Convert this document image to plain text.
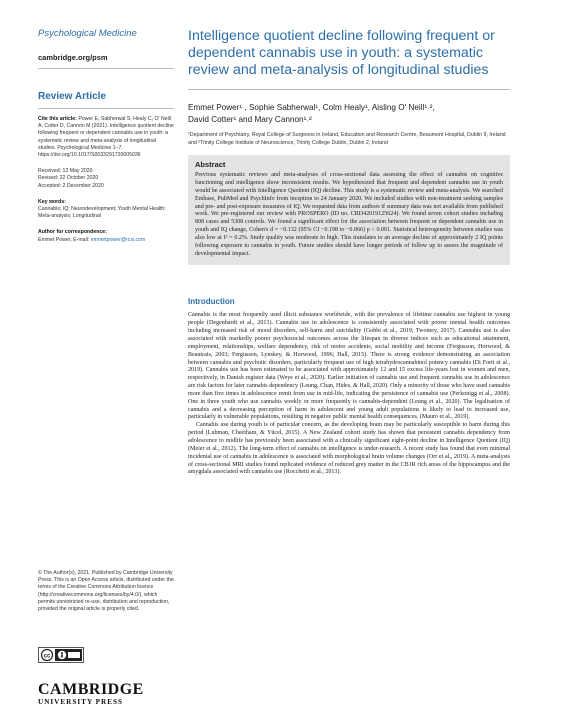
Psychological Medicine
cambridge.org/psm
Review Article
Cite this article: Power E, Sabherwal S, Healy C, O' Neill A, Cotter D, Cannon M (2021). Intelligence quotient decline following frequent or dependent cannabis use in youth: a systematic review and meta-analysis of longitudinal studies. Psychological Medicine 1–7. https://doi.org/10.1017/S0033291720005036
Received: 12 May 2020
Revised: 22 October 2020
Accepted: 2 December 2020
Key words:
Cannabis; IQ; Neurodevelopment; Youth Mental Health; Meta-analysis; Longitudinal
Author for correspondence:
Emmet Power, E-mail: emmetpower@rcsi.com
© The Author(s), 2021. Published by Cambridge University Press. This is an Open Access article, distributed under the terms of the Creative Commons Attribution licence (http://creativecommons.org/licenses/by/4.0/), which permits unrestricted re-use, distribution and reproduction, provided the original article is properly cited.
cc
CAMBRIDGE
UNIVERSITY PRESS
Intelligence quotient decline following frequent or dependent cannabis use in youth: a systematic review and meta-analysis of longitudinal studies
Emmet Power¹ , Sophie Sabherwal¹, Colm Healy¹, Aisling O' Neill¹˒²,
David Cotter¹ and Mary Cannon¹˒²
¹Department of Psychiatry, Royal College of Surgeons in Ireland, Education and Research Centre, Beaumont Hospital, Dublin 9, Ireland and ²Trinity College Institute of Neuroscience, Trinity College Dublin, Dublin 2, Ireland
Abstract
Previous systematic reviews and meta-analyses of cross-sectional data assessing the effect of cannabis on cognitive functioning and intelligence show inconsistent results. We hypothesized that frequent and dependent cannabis use in youth would be associated with Intelligence Quotient (IQ) decline. This study is a systematic review and meta-analysis. We searched Embase, PubMed and PsychInfo from inception to 24 January 2020. We included studies with non-treatment seeking samples and pre- and post-exposure measures of IQ. We requested data from authors if summary data was not available from published work. We pre-registered our review with PROSPERO (ID no. CRD42019125624). We found seven cohort studies including 808 cases and 5308 controls. We found a significant effect for the association between frequent or dependent cannabis use in youth and IQ change, Cohen's d = −0.132 (95% CI −0.198 to −0.066) p < 0.001. Statistical heterogeneity between studies was also low at I² = 0.2%. Study quality was moderate to high. This translates to an average decline of approximately 2 IQ points following exposure to cannabis in youth. Future studies should have longer periods of follow up to assess the magnitude of developmental impact.
Introduction

Cannabis is the most frequently used illicit substance worldwide, with the prevalence of lifetime cannabis use highest in young people (Degenhardt et al., 2013). Cannabis use in adolescence is consistently associated with poorer mental health outcomes including increased risk of mood disorders, self-harm and suicidality (Gobbi et al., 2019; Twomey, 2017). Cannabis use is also associated with markedly poorer psychosocial outcomes across the lifespan in diverse indices such as educational attainment, employment, relationships, welfare dependency, risk of motor accidents, social mobility and income (Fergusson, Horwood, & Beautrais, 2003; Fergusson, Lynskey, & Horwood, 1996; Hall, 2015). There is strong evidence demonstrating an association between cannabis and psychotic disorders, particularly frequent use of high tetrahydrocannabinol potency cannabis (Di Forti et al., 2019). Cannabis use has been estimated to be associated with approximately 12 and 15 excess life-years lost in women and men, respectively, in Danish register data (Weye et al., 2020). Earlier initiation of cannabis use and frequent cannabis use in adolescence are risk factors for later cannabis dependency (Leung, Chan, Hides, & Hall, 2020). Only a minority of those who have used cannabis more than five times in adolescence remit from use in mid-life, indicating the persistence of cannabis use (Perkonigg et al., 2008). One in three youth who use cannabis weekly or more frequently is cannabis-dependent (Leung et al., 2020). The legalisation of cannabis and a decreasing perception of harm in adolescent and young adult populations is likely to lead to increased use, particularly in vulnerable populations, resulting in negative public mental health consequences. (Mauro et al., 2019).

Cannabis use during youth is of particular concern, as the developing brain may be particularly susceptible to harm during this period (Lubman, Cheetham, & Yücel, 2015). A New Zealand cohort study has shown that persistent cannabis dependency from adolescence to midlife has previously been associated with a clinically significant eight-point decline in Intelligence Quotient (IQ) (Meier et al., 2012). The long-term effect of cannabis on intelligence is under-research. A recent study has found that even minimal incidental use of cannabis in adolescence is associated with morphological brain volume changes (Orr et al., 2019). A meta-analysis of cross-sectional MRI studies found replicated evidence of reduced grey matter in the CB1R rich areas of the hippocampus and the amygdala associated with cannabis use (Rocchetti et al., 2013).
